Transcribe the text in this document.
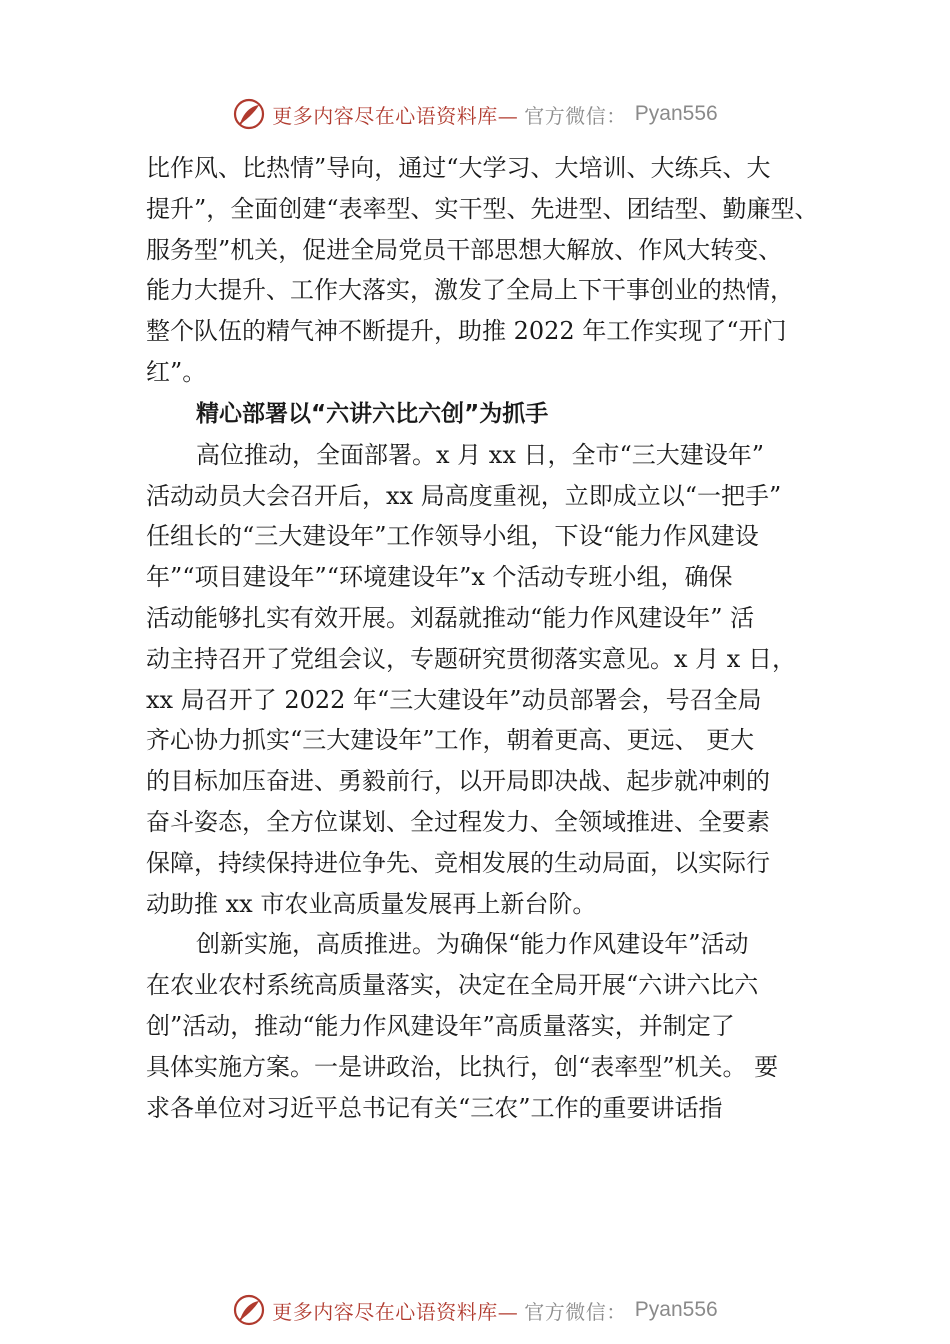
更多内容尽在心语资料库— 官方微信： Pyan556
比作风、比热情”导向，通过“大学习、大培训、大练兵、大
提升”，全面创建“表率型、实干型、先进型、团结型、勤廉型、
服务型”机关，促进全局党员干部思想大解放、作风大转变、
能力大提升、工作大落实，激发了全局上下干事创业的热情，
整个队伍的精气神不断提升，助推 2022 年工作实现了“开门
红”。
精心部署以“六讲六比六创”为抓手
高位推动，全面部署。x 月 xx 日，全市“三大建设年”
活动动员大会召开后，xx 局高度重视，立即成立以“一把手”
任组长的“三大建设年”工作领导小组，下设“能力作风建设
年”“项目建设年”“环境建设年”x 个活动专班小组，确保
活动能够扎实有效开展。刘磊就推动“能力作风建设年” 活
动主持召开了党组会议，专题研究贯彻落实意见。x 月 x 日，
xx 局召开了 2022 年“三大建设年”动员部署会，号召全局
齐心协力抓实“三大建设年”工作，朝着更高、更远、 更大
的目标加压奋进、勇毅前行，以开局即决战、起步就冲刺的
奋斗姿态，全方位谋划、全过程发力、全领域推进、全要素
保障，持续保持进位争先、竞相发展的生动局面，以实际行
动助推 xx 市农业高质量发展再上新台阶。
创新实施，高质推进。为确保“能力作风建设年”活动
在农业农村系统高质量落实，决定在全局开展“六讲六比六
创”活动，推动“能力作风建设年”高质量落实，并制定了
具体实施方案。一是讲政治，比执行，创“表率型”机关。 要
求各单位对习近平总书记有关“三农”工作的重要讲话指
更多内容尽在心语资料库— 官方微信： Pyan556
